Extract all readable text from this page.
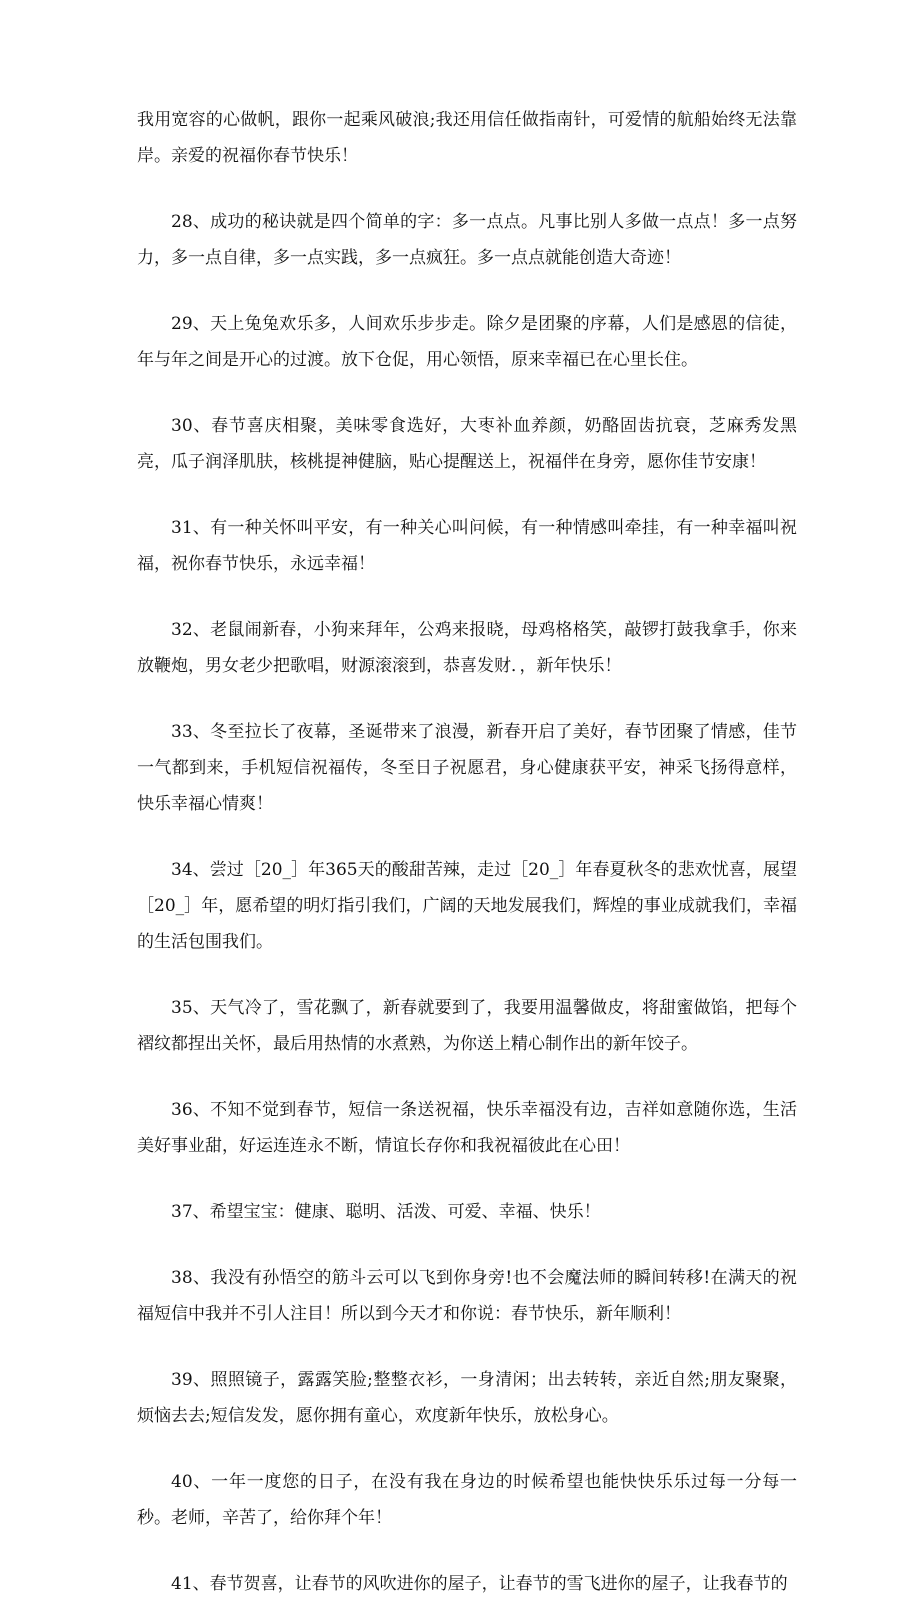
我用宽容的心做帆，跟你一起乘风破浪;我还用信任做指南针，可爱情的航船始终无法靠岸。亲爱的祝福你春节快乐！

28、成功的秘诀就是四个简单的字：多一点点。凡事比别人多做一点点！多一点努力，多一点自律，多一点实践，多一点疯狂。多一点点就能创造大奇迹！

29、天上兔兔欢乐多，人间欢乐步步走。除夕是团聚的序幕，人们是感恩的信徒，年与年之间是开心的过渡。放下仓促，用心领悟，原来幸福已在心里长住。

30、春节喜庆相聚，美味零食选好，大枣补血养颜，奶酪固齿抗衰，芝麻秀发黑亮，瓜子润泽肌肤，核桃提神健脑，贴心提醒送上，祝福伴在身旁，愿你佳节安康！

31、有一种关怀叫平安，有一种关心叫问候，有一种情感叫牵挂，有一种幸福叫祝福，祝你春节快乐，永远幸福！

32、老鼠闹新春，小狗来拜年，公鸡来报晓，母鸡格格笑，敲锣打鼓我拿手，你来放鞭炮，男女老少把歌唱，财源滚滚到，恭喜发财．，新年快乐！

33、冬至拉长了夜幕，圣诞带来了浪漫，新春开启了美好，春节团聚了情感，佳节一气都到来，手机短信祝福传，冬至日子祝愿君，身心健康获平安，神采飞扬得意样，快乐幸福心情爽！

34、尝过［20_］年365天的酸甜苦辣，走过［20_］年春夏秋冬的悲欢忧喜，展望［20_］年，愿希望的明灯指引我们，广阔的天地发展我们，辉煌的事业成就我们，幸福的生活包围我们。

35、天气冷了，雪花飘了，新春就要到了，我要用温馨做皮，将甜蜜做馅，把每个褶纹都捏出关怀，最后用热情的水煮熟，为你送上精心制作出的新年饺子。

36、不知不觉到春节，短信一条送祝福，快乐幸福没有边，吉祥如意随你选，生活美好事业甜，好运连连永不断，情谊长存你和我祝福彼此在心田！

37、希望宝宝：健康、聪明、活泼、可爱、幸福、快乐！

38、我没有孙悟空的筋斗云可以飞到你身旁!也不会魔法师的瞬间转移!在满天的祝福短信中我并不引人注目！所以到今天才和你说：春节快乐，新年顺利！

39、照照镜子，露露笑脸;整整衣衫，一身清闲；出去转转，亲近自然;朋友聚聚，烦恼去去;短信发发，愿你拥有童心，欢度新年快乐，放松身心。

40、一年一度您的日子，在没有我在身边的时候希望也能快快乐乐过每一分每一秒。老师，辛苦了，给你拜个年！

41、春节贺喜，让春节的风吹进你的屋子，让春节的雪飞进你的屋子，让我春节的
